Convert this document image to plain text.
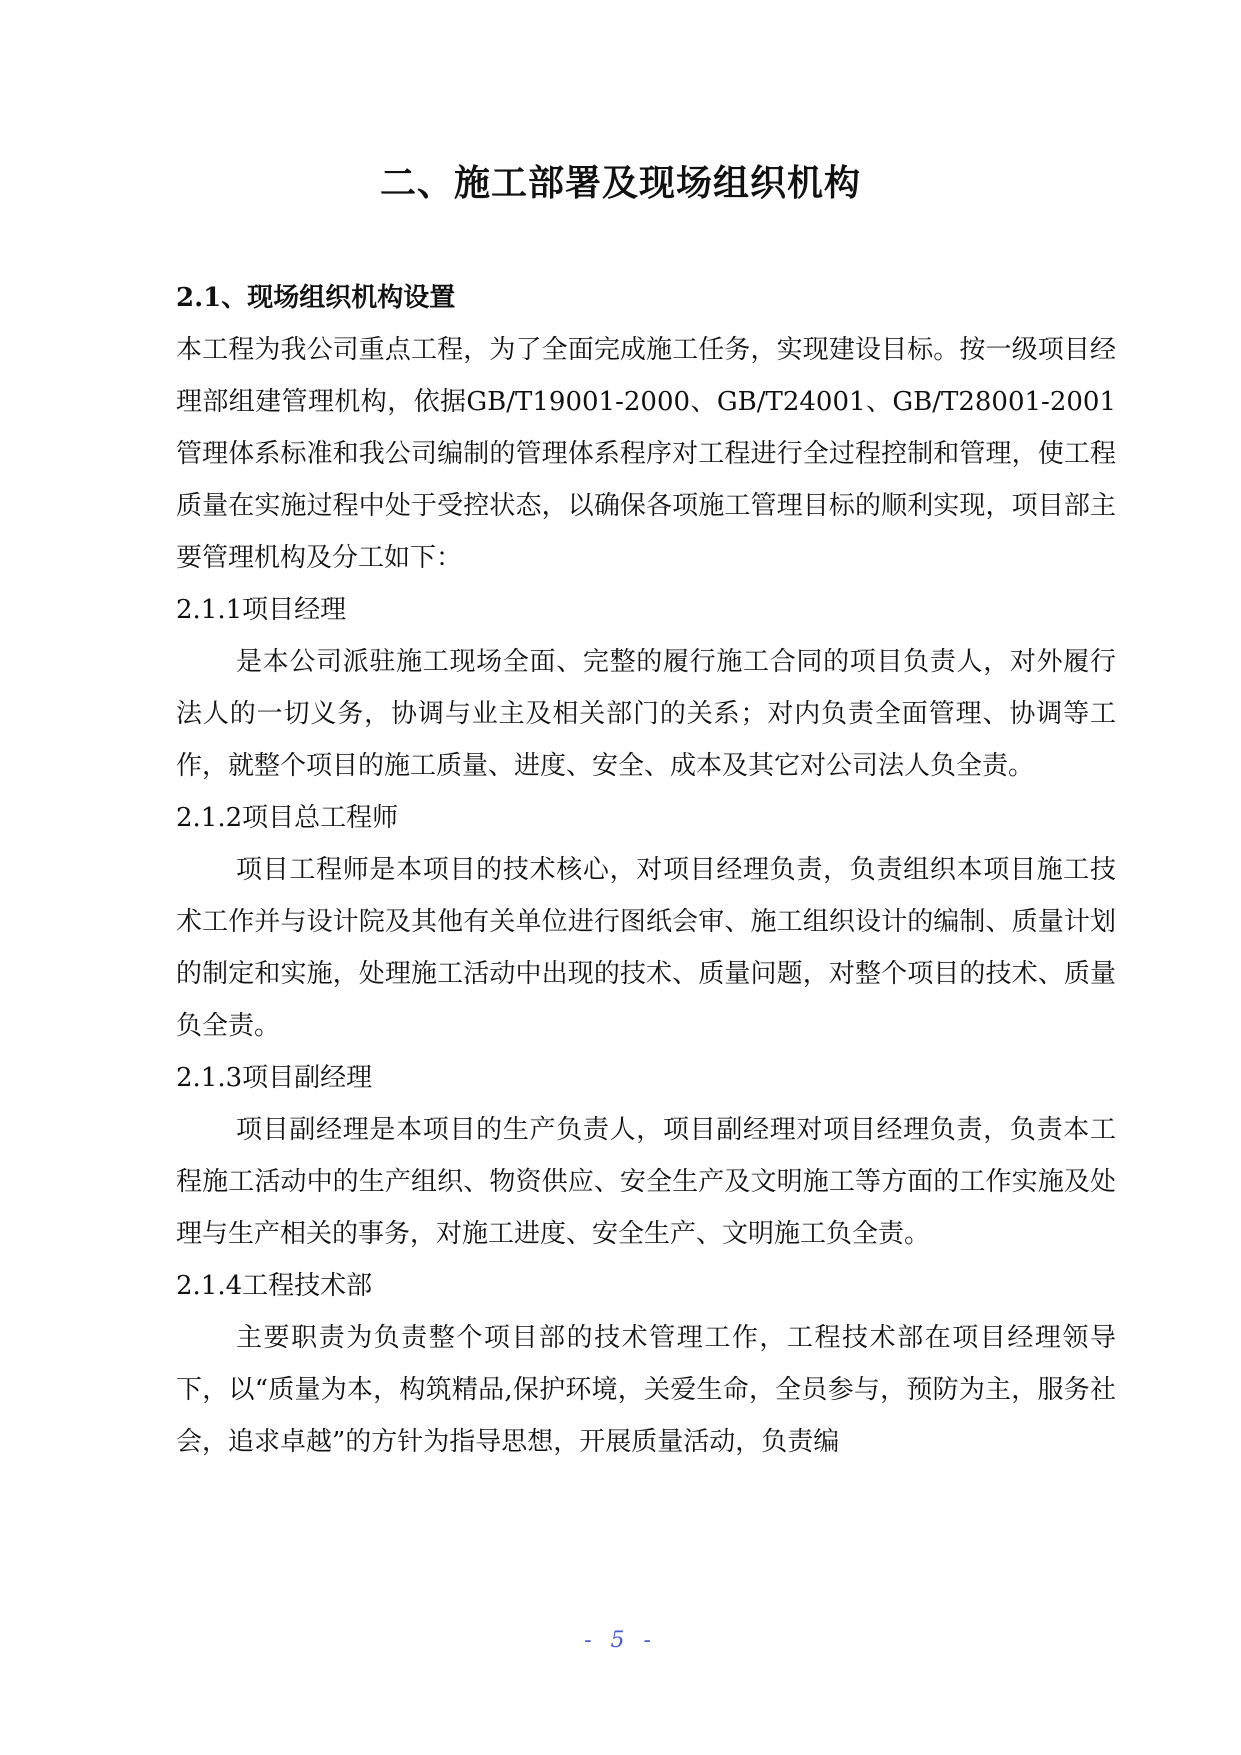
二、施工部署及现场组织机构

2.1、现场组织机构设置

本工程为我公司重点工程，为了全面完成施工任务，实现建设目标。按一级项目经理部组建管理机构，依据GB/T19001-2000、GB/T24001、GB/T28001-2001管理体系标准和我公司编制的管理体系程序对工程进行全过程控制和管理，使工程质量在实施过程中处于受控状态，以确保各项施工管理目标的顺利实现，项目部主要管理机构及分工如下：

2.1.1项目经理

是本公司派驻施工现场全面、完整的履行施工合同的项目负责人，对外履行法人的一切义务，协调与业主及相关部门的关系；对内负责全面管理、协调等工作，就整个项目的施工质量、进度、安全、成本及其它对公司法人负全责。

2.1.2项目总工程师

项目工程师是本项目的技术核心，对项目经理负责，负责组织本项目施工技术工作并与设计院及其他有关单位进行图纸会审、施工组织设计的编制、质量计划的制定和实施，处理施工活动中出现的技术、质量问题，对整个项目的技术、质量负全责。

2.1.3项目副经理

项目副经理是本项目的生产负责人，项目副经理对项目经理负责，负责本工程施工活动中的生产组织、物资供应、安全生产及文明施工等方面的工作实施及处理与生产相关的事务，对施工进度、安全生产、文明施工负全责。

2.1.4工程技术部

主要职责为负责整个项目部的技术管理工作，工程技术部在项目经理领导下，以“质量为本，构筑精品,保护环境，关爱生命，全员参与，预防为主，服务社会，追求卓越”的方针为指导思想，开展质量活动，负责编

- 5 -
